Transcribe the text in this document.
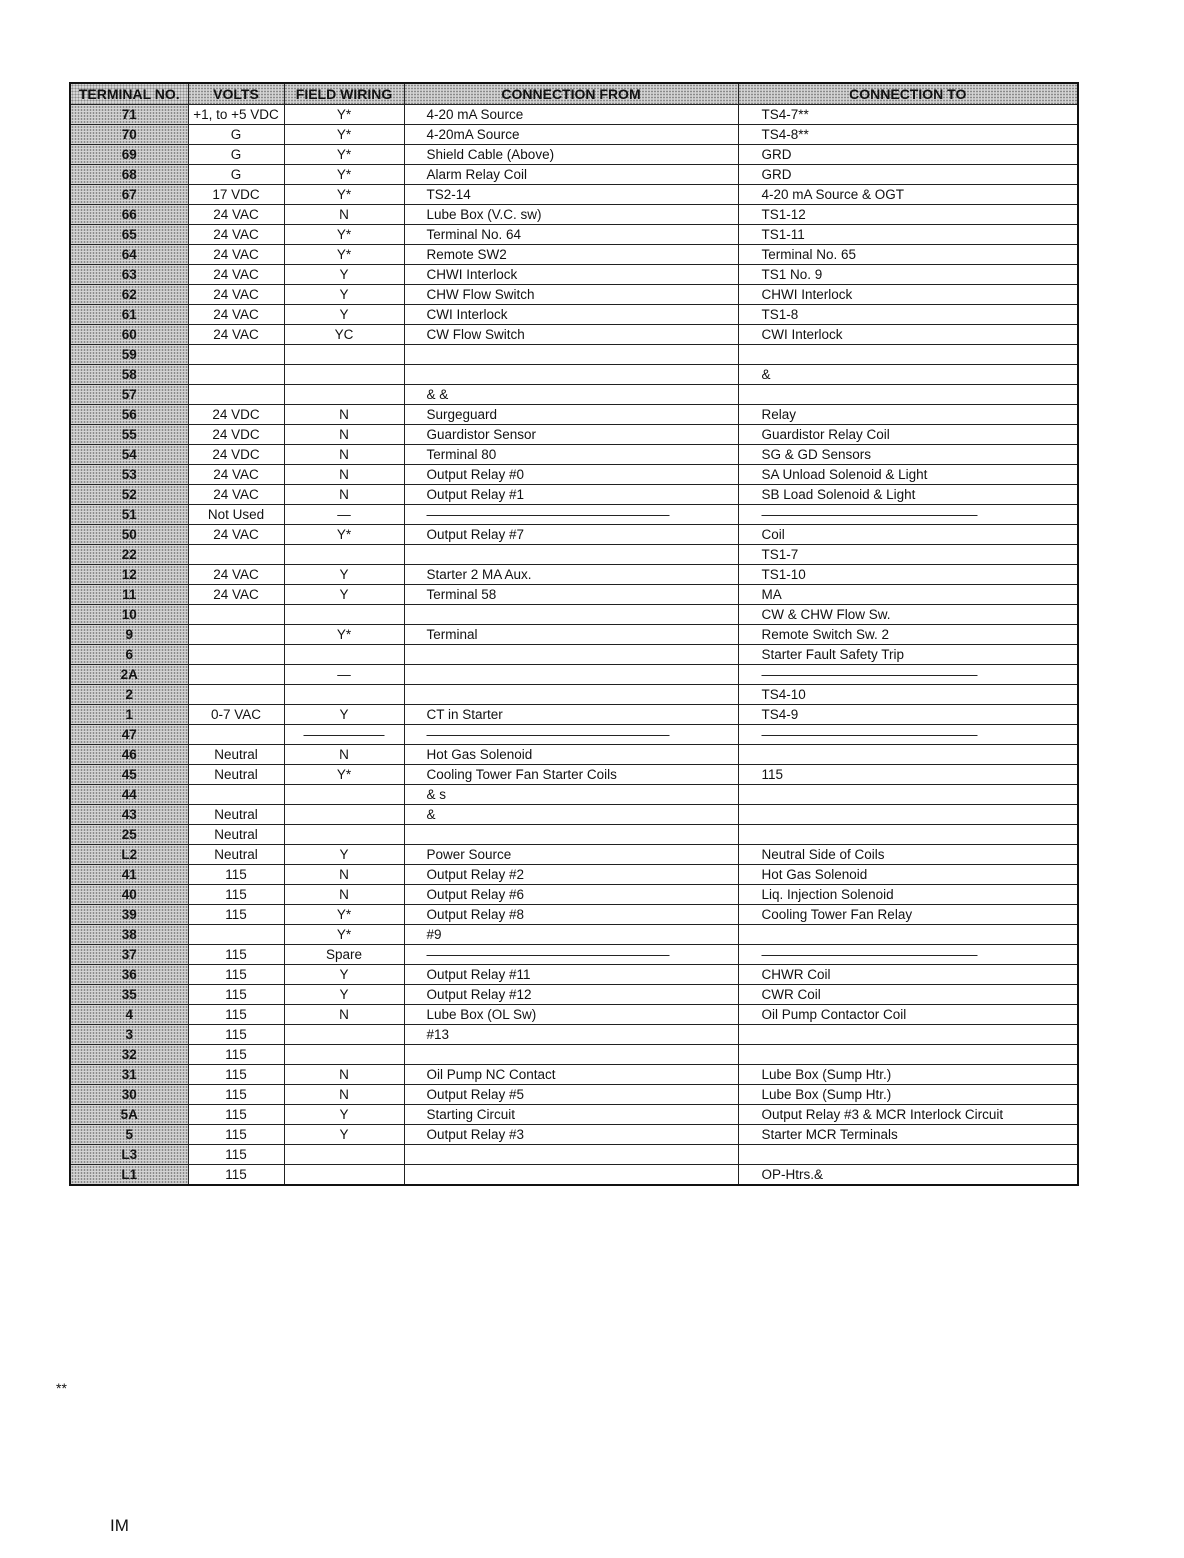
TERMINAL NO.	VOLTS	FIELD WIRING	CONNECTION FROM	CONNECTION TO
71	+1, to +5 VDC	Y*	4-20 mA Source	TS4-7**
70	G	Y*	4-20mA Source	TS4-8**
69	G	Y*	Shield Cable (Above)	GRD
68	G	Y*	Alarm Relay Coil	GRD
67	17 VDC	Y*	TS2-14	4-20 mA Source & OGT
66	24 VAC	N	Lube Box (V.C. sw)	TS1-12
65	24 VAC	Y*	Terminal No. 64	TS1-11
64	24 VAC	Y*	Remote SW2	Terminal No. 65
63	24 VAC	Y	CHWI Interlock	TS1 No. 9
62	24 VAC	Y	CHW Flow Switch	CHWI Interlock
61	24 VAC	Y	CWI Interlock	TS1-8
60	24 VAC	YC	CW Flow Switch	CWI Interlock
59				
58				&
57			& &	
56	24 VDC	N	Surgeguard	Relay
55	24 VDC	N	Guardistor Sensor	Guardistor Relay Coil
54	24 VDC	N	Terminal 80	SG & GD Sensors
53	24 VAC	N	Output Relay #0	SA Unload Solenoid & Light
52	24 VAC	N	Output Relay #1	SB Load Solenoid & Light
51	Not Used	—	——————————————————	————————————————
50	24 VAC	Y*	Output Relay #7	Coil
22				TS1-7
12	24 VAC	Y	Starter 2 MA Aux.	TS1-10
11	24 VAC	Y	Terminal 58	MA
10				CW & CHW Flow Sw.
9		Y*	Terminal	Remote Switch Sw. 2
6				Starter Fault Safety Trip
2A		—		————————————————
2				TS4-10
1	0-7 VAC	Y	CT in Starter	TS4-9
47		——————	——————————————————	————————————————
46	Neutral	N	Hot Gas Solenoid	
45	Neutral	Y*	Cooling Tower Fan Starter Coils	115
44			& s	
43	Neutral		&	
25	Neutral			
L2	Neutral	Y	Power Source	Neutral Side of Coils
41	115	N	Output Relay #2	Hot Gas Solenoid
40	115	N	Output Relay #6	Liq. Injection Solenoid
39	115	Y*	Output Relay #8	Cooling Tower Fan Relay
38		Y*	#9	
37	115	Spare	——————————————————	————————————————
36	115	Y	Output Relay #11	CHWR Coil
35	115	Y	Output Relay #12	CWR Coil
4	115	N	Lube Box (OL Sw)	Oil Pump Contactor Coil
3	115		#13	
32	115			
31	115	N	Oil Pump NC Contact	Lube Box (Sump Htr.)
30	115	N	Output Relay #5	Lube Box (Sump Htr.)
5A	115	Y	Starting Circuit	Output Relay #3 & MCR Interlock Circuit
5	115	Y	Output Relay #3	Starter MCR Terminals
L3	115			
L1	115			OP-Htrs.&
**
IM
